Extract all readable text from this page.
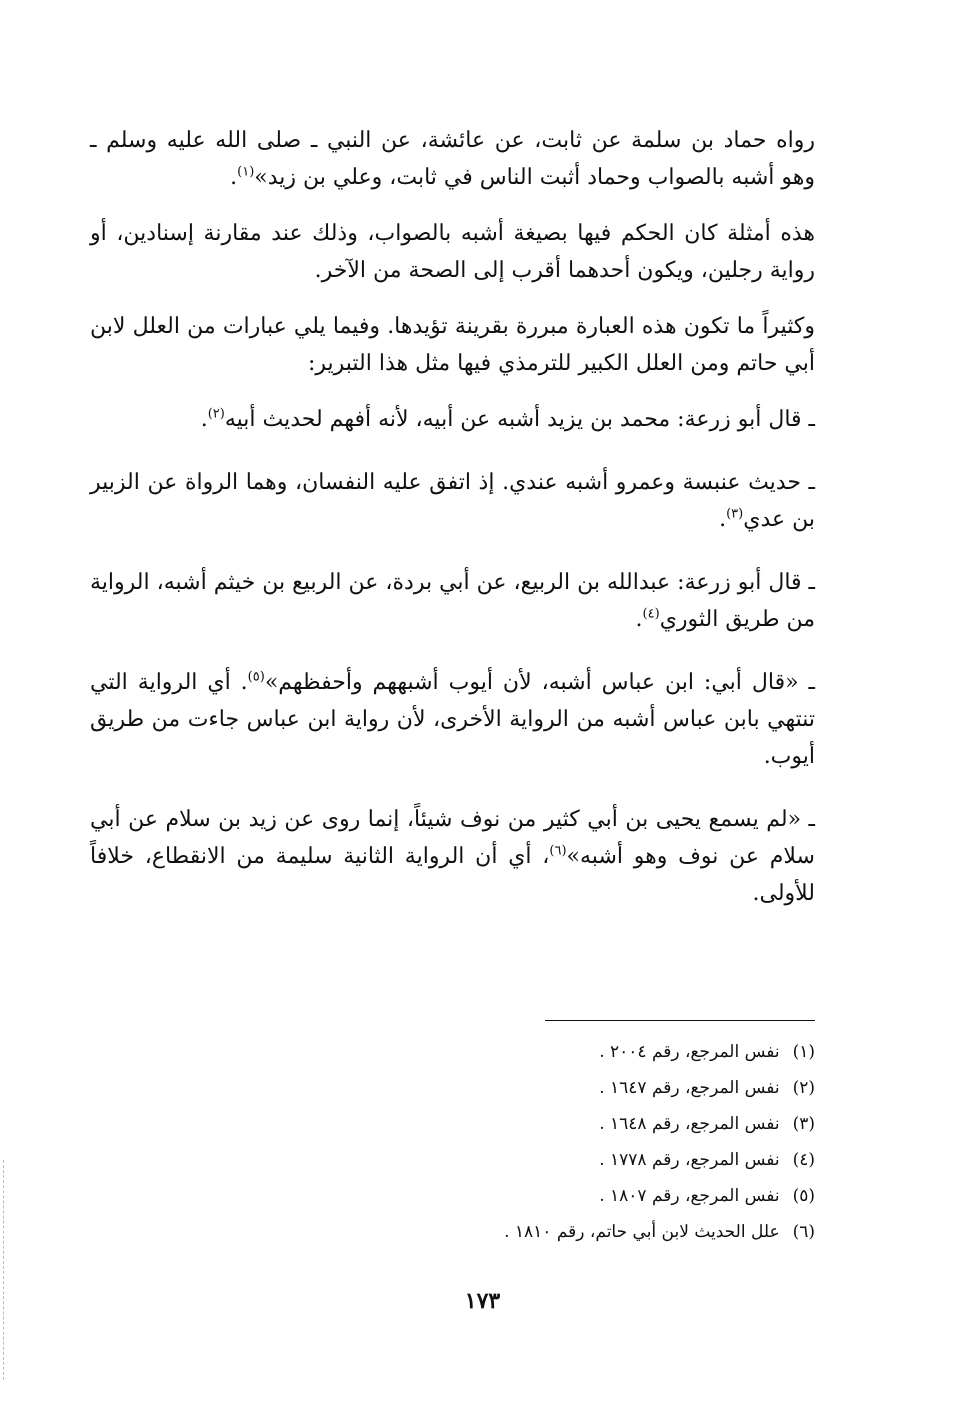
رواه حماد بن سلمة عن ثابت، عن عائشة، عن النبي ـ صلى الله عليه وسلم ـ وهو أشبه بالصواب وحماد أثبت الناس في ثابت، وعلي بن زيد»$^{(١)}$.

هذه أمثلة كان الحكم فيها بصيغة أشبه بالصواب، وذلك عند مقارنة إسنادين، أو رواية رجلين، ويكون أحدهما أقرب إلى الصحة من الآخر.

وكثيراً ما تكون هذه العبارة مبررة بقرينة تؤيدها. وفيما يلي عبارات من العلل لابن أبي حاتم ومن العلل الكبير للترمذي فيها مثل هذا التبرير:

ـ قال أبو زرعة: محمد بن يزيد أشبه عن أبيه، لأنه أفهم لحديث أبيه$^{(٢)}$.

ـ حديث عنبسة وعمرو أشبه عندي. إذ اتفق عليه النفسان، وهما الرواة عن الزبير بن عدي$^{(٣)}$.

ـ قال أبو زرعة: عبدالله بن الربيع، عن أبي بردة، عن الربيع بن خيثم أشبه، الرواية من طريق الثوري$^{(٤)}$.

ـ «قال أبي: ابن عباس أشبه، لأن أيوب أشبههم وأحفظهم»$^{(٥)}$. أي الرواية التي تنتهي بابن عباس أشبه من الرواية الأخرى، لأن رواية ابن عباس جاءت من طريق أيوب.

ـ «لم يسمع يحيى بن أبي كثير من نوف شيئاً، إنما روى عن زيد بن سلام عن أبي سلام عن نوف وهو أشبه»$^{(٦)}$، أي أن الرواية الثانية سليمة من الانقطاع، خلافاً للأولى.

(١) نفس المرجع، رقم ٢٠٠٤ .
(٢) نفس المرجع، رقم ١٦٤٧ .
(٣) نفس المرجع، رقم ١٦٤٨ .
(٤) نفس المرجع، رقم ١٧٧٨ .
(٥) نفس المرجع، رقم ١٨٠٧ .
(٦) علل الحديث لابن أبي حاتم، رقم ١٨١٠ .
١٧٣
